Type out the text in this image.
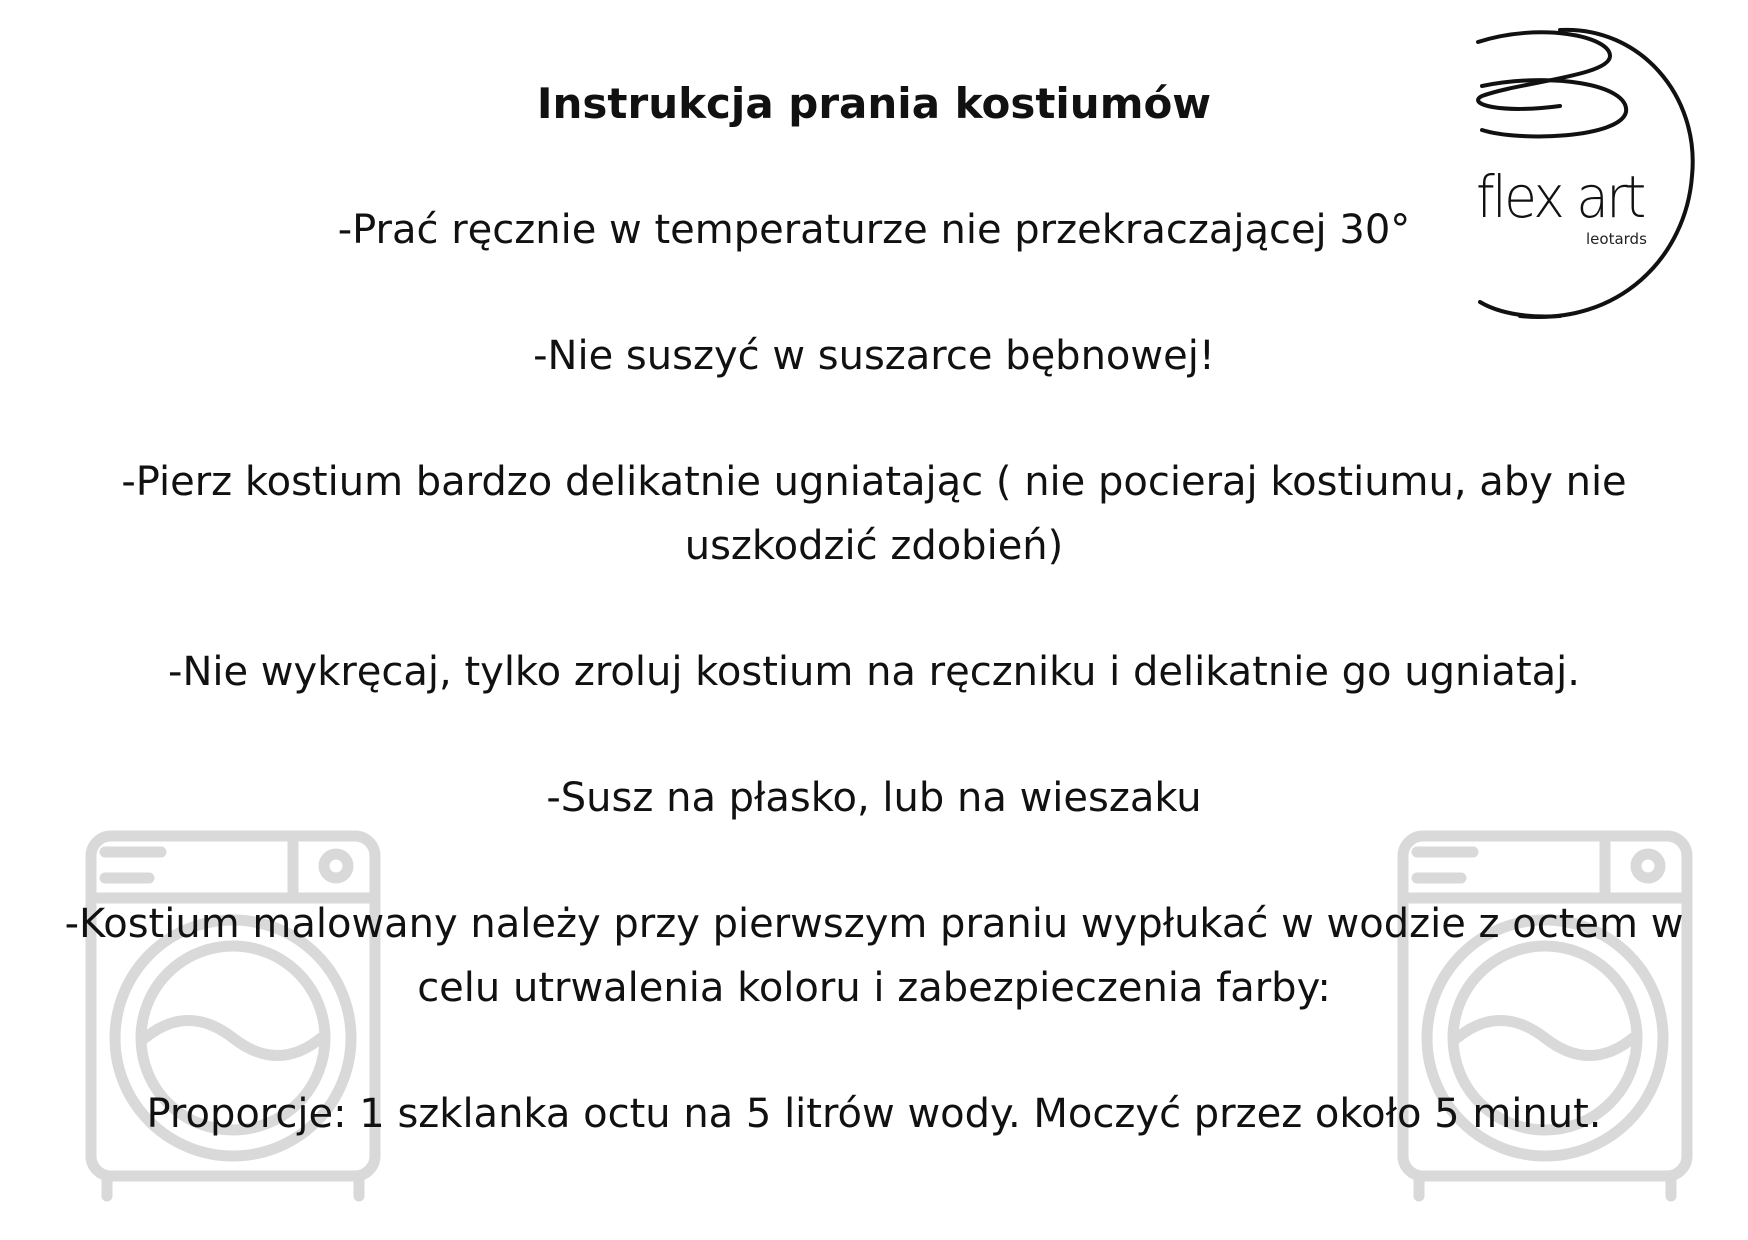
flex art
leotards
Instrukcja prania kostiumów

-Prać ręcznie w temperaturze nie przekraczającej 30°

-Nie suszyć w suszarce bębnowej!

-Pierz kostium bardzo delikatnie ugniatając ( nie pocieraj kostiumu, aby nie

uszkodzić zdobień)

-Nie wykręcaj, tylko zroluj kostium na ręczniku i delikatnie go ugniataj.

-Susz na płasko, lub na wieszaku

-Kostium malowany należy przy pierwszym praniu wypłukać w wodzie z octem w

celu utrwalenia koloru i zabezpieczenia farby:

Proporcje: 1 szklanka octu na 5 litrów wody. Moczyć przez około 5 minut.
